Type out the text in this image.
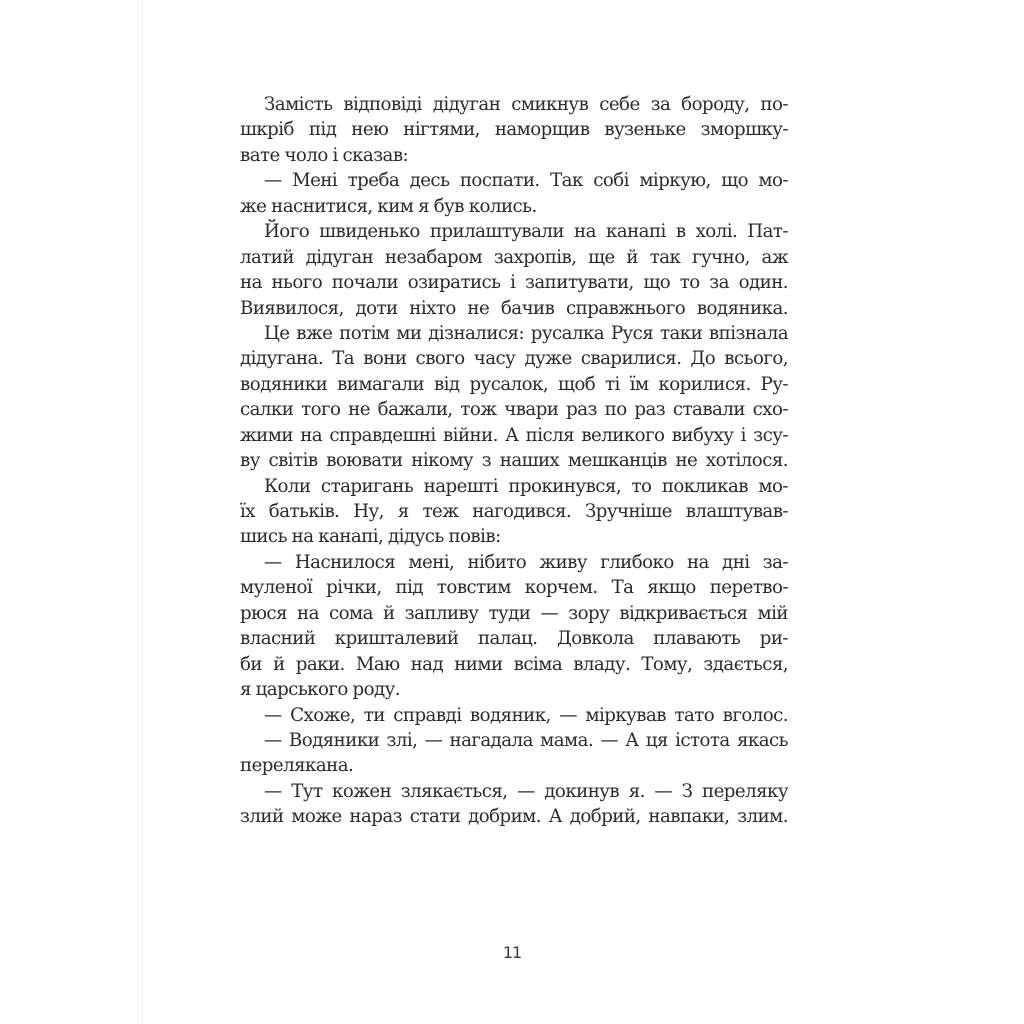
Замість відповіді дідуган смикнув себе за бороду, по-
шкріб під нею нігтями, наморщив вузеньке зморшку-
вате чоло і сказав:
— Мені треба десь поспати. Так собі міркую, що мо-
же наснитися, ким я був колись.
Його швиденько прилаштували на канапі в холі. Пат-
латий дідуган незабаром захропів, ще й так гучно, аж
на нього почали озиратись і запитувати, що то за один.
Виявилося, доти ніхто не бачив справжнього водяника.
Це вже потім ми дізналися: русалка Руся таки впізнала
дідугана. Та вони свого часу дуже сварилися. До всього,
водяники вимагали від русалок, щоб ті їм корилися. Ру-
салки того не бажали, тож чвари раз по раз ставали схо-
жими на справдешні війни. А після великого вибуху і зсу-
ву світів воювати нікому з наших мешканців не хотілося.
Коли старигань нарешті прокинувся, то покликав мо-
їх батьків. Ну, я теж нагодився. Зручніше влаштував-
шись на канапі, дідусь повів:
— Наснилося мені, нібито живу глибоко на дні за-
муленої річки, під товстим корчем. Та якщо перетво-
рюся на сома й запливу туди — зору відкривається мій
власний кришталевий палац. Довкола плавають ри-
би й раки. Маю над ними всіма владу. Тому, здається,
я царського роду.
— Схоже, ти справді водяник, — міркував тато вголос.
— Водяники злі, — нагадала мама. — А ця істота якась
перелякана.
— Тут кожен злякається, — докинув я. — З переляку
злий може нараз стати добрим. А добрий, навпаки, злим.
11
